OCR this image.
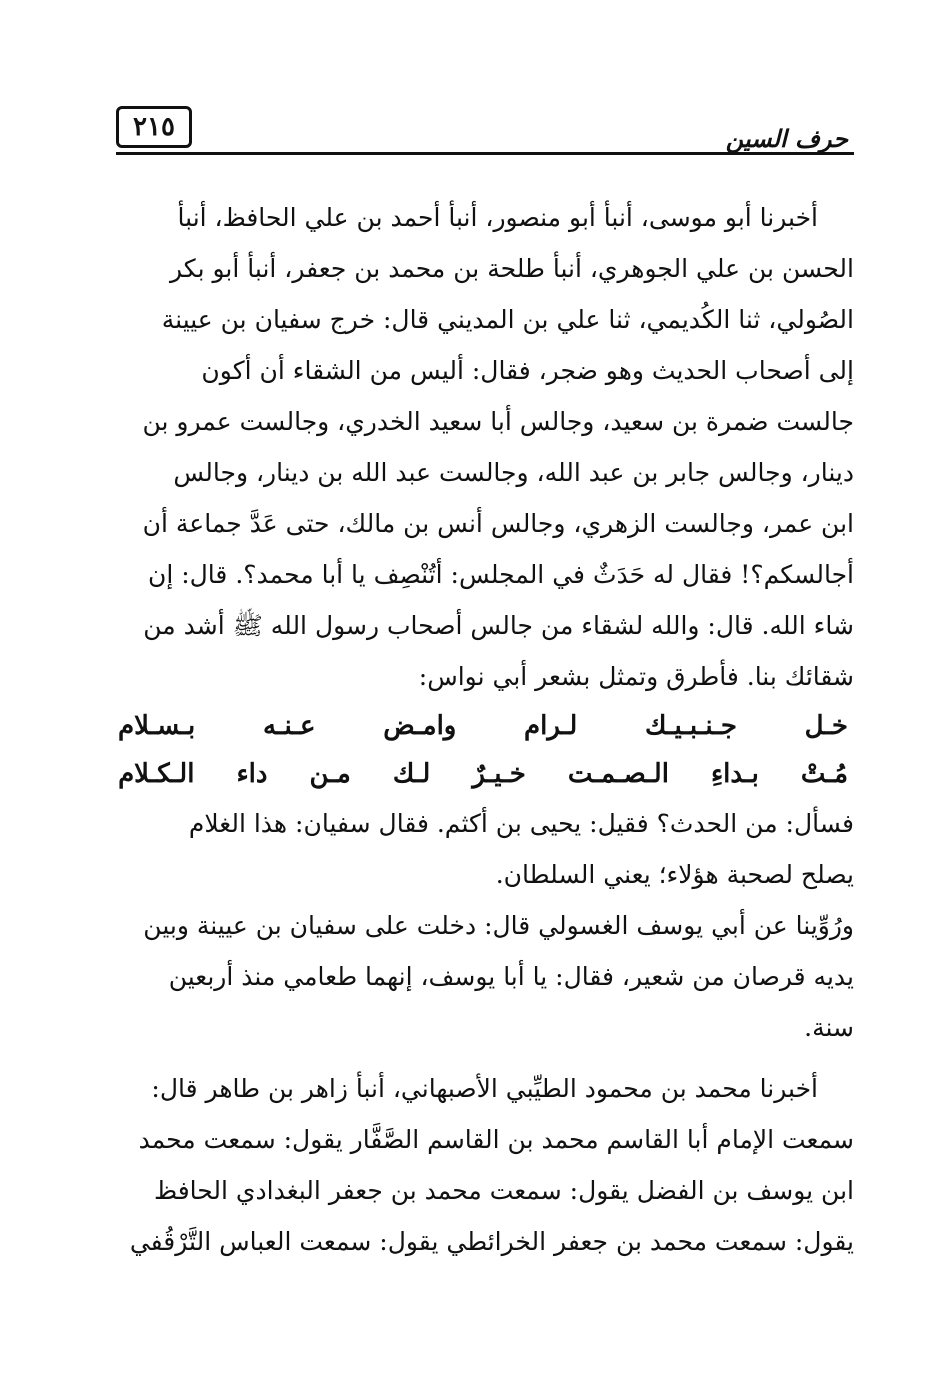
٢١٥	حرف السين
أخبرنا أبو موسى، أنبأ أبو منصور، أنبأ أحمد بن علي الحافظ، أنبأ
الحسن بن علي الجوهري، أنبأ طلحة بن محمد بن جعفر، أنبأ أبو بكر
الصُولي، ثنا الكُديمي، ثنا علي بن المديني قال: خرج سفيان بن عيينة
إلى أصحاب الحديث وهو ضجر، فقال: أليس من الشقاء أن أكون
جالست ضمرة بن سعيد، وجالس أبا سعيد الخدري، وجالست عمرو بن
دينار، وجالس جابر بن عبد الله، وجالست عبد الله بن دينار، وجالس
ابن عمر، وجالست الزهري، وجالس أنس بن مالك، حتى عَدَّ جماعة أن
أجالسكم؟! فقال له حَدَثٌ في المجلس: أتُنْصِف يا أبا محمد؟. قال: إن
شاء الله. قال: والله لشقاء من جالس أصحاب رسول الله ﷺ أشد من
شقائك بنا. فأطرق وتمثل بشعر أبي نواس:
خـل
جـنـبـيـك
لـرام
وامـض
عـنـه
بـسـلام
مُـتْ
بـداءِ
الـصـمـت
خـيـرٌ
لـك
مـن
داء
الـكـلام
فسأل: من الحدث؟ فقيل: يحيى بن أكثم. فقال سفيان: هذا الغلام
يصلح لصحبة هؤلاء؛ يعني السلطان.
ورُوِّينا عن أبي يوسف الغسولي قال: دخلت على سفيان بن عيينة وبين
يديه قرصان من شعير، فقال: يا أبا يوسف، إنهما طعامي منذ أربعين
سنة.
أخبرنا محمد بن محمود الطيِّبي الأصبهاني، أنبأ زاهر بن طاهر قال:
سمعت الإمام أبا القاسم محمد بن القاسم الصَّفَّار يقول: سمعت محمد
ابن يوسف بن الفضل يقول: سمعت محمد بن جعفر البغدادي الحافظ
يقول: سمعت محمد بن جعفر الخرائطي يقول: سمعت العباس التَّرْقُفي
